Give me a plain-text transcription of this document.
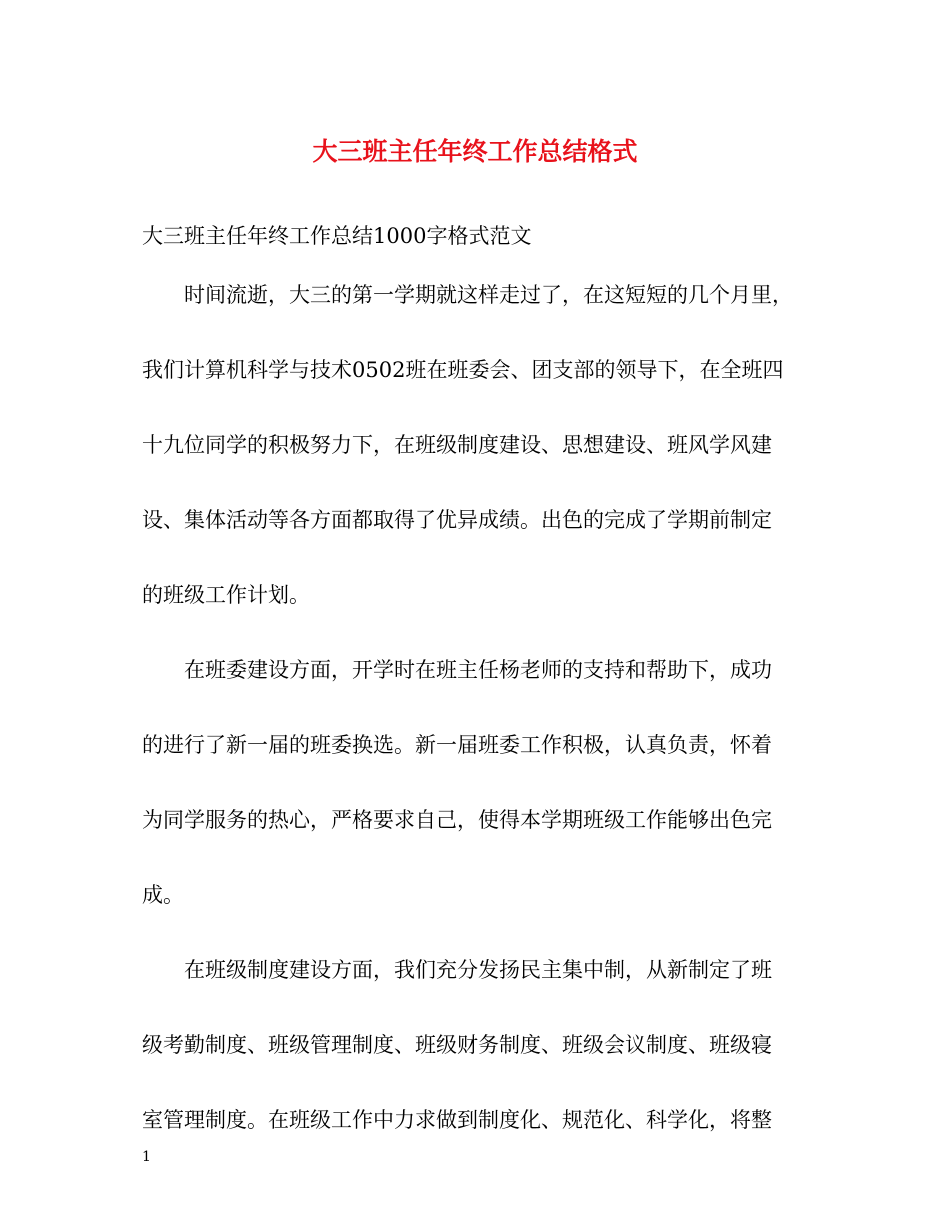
大三班主任年终工作总结格式

大三班主任年终工作总结1000字格式范文

时间流逝，大三的第一学期就这样走过了，在这短短的几个月里，
我们计算机科学与技术0502班在班委会、团支部的领导下，在全班四
十九位同学的积极努力下，在班级制度建设、思想建设、班风学风建
设、集体活动等各方面都取得了优异成绩。出色的完成了学期前制定
的班级工作计划。
在班委建设方面，开学时在班主任杨老师的支持和帮助下，成功
的进行了新一届的班委换选。新一届班委工作积极，认真负责，怀着
为同学服务的热心，严格要求自己，使得本学期班级工作能够出色完
成。
在班级制度建设方面，我们充分发扬民主集中制，从新制定了班
级考勤制度、班级管理制度、班级财务制度、班级会议制度、班级寝
室管理制度。在班级工作中力求做到制度化、规范化、科学化，将整
1
